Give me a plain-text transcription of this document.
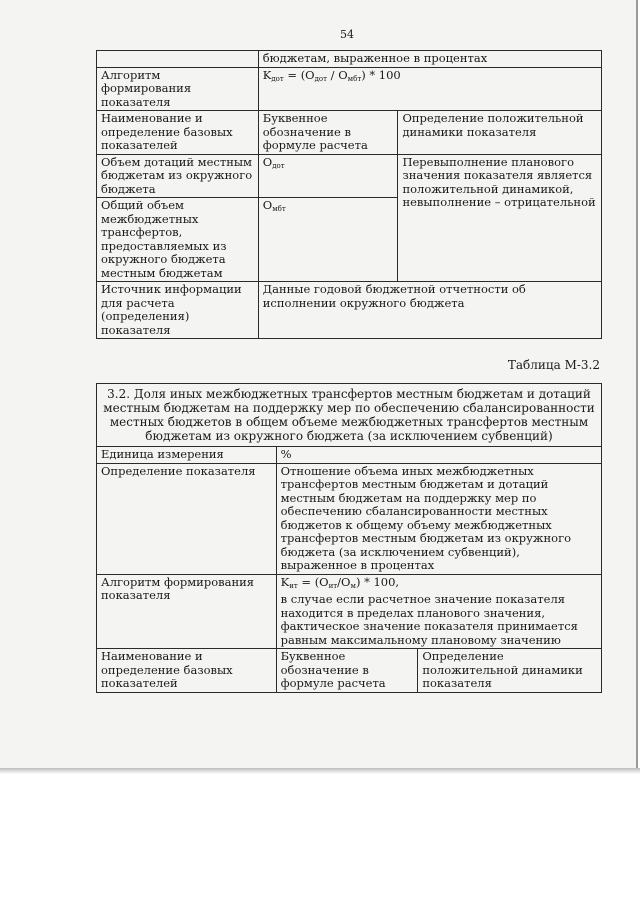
54
	бюджетам, выраженное в процентах	
Алгоритм формирования показателя	$K_{дот} = (O_{дот} / O_{мбт}) * 100$	
Наименование и определение базовых показателей	Буквенное обозначение в формуле расчета	Определение положительной динамики показателя
Объем дотаций местным бюджетам из окружного бюджета	$O_{дот}$	Перевыполнение планового значения показателя является положительной динамикой, невыполнение – отрицательной
Общий объем межбюджетных трансфертов, предоставляемых из окружного бюджета местным бюджетам	$O_{мбт}$
Источник информации для расчета (определения) показателя	Данные годовой бюджетной отчетности об исполнении окружного бюджета	
Таблица М-3.2
3.2. Доля иных межбюджетных трансфертов местным бюджетам и дотаций местным бюджетам на поддержку мер по обеспечению сбалансированности местных бюджетов в общем объеме межбюджетных трансфертов местным бюджетам из окружного бюджета (за исключением субвенций)		
Единица измерения	%	
Определение показателя	Отношение объема иных межбюджетных трансфертов местным бюджетам и дотаций местным бюджетам на поддержку мер по обеспечению сбалансированности местных бюджетов к общему объему межбюджетных трансфертов местным бюджетам из окружного бюджета (за исключением субвенций), выраженное в процентах	
Алгоритм формирования показателя	$K_{ит} = (O_{ит}/O_м) * 100$,
в случае если расчетное значение показателя находится в пределах планового значения, фактическое значение показателя принимается равным максимальному плановому значению	

Наименование и определение базовых показателей	Буквенное обозначение в формуле расчета	Определение положительной динамики показателя
